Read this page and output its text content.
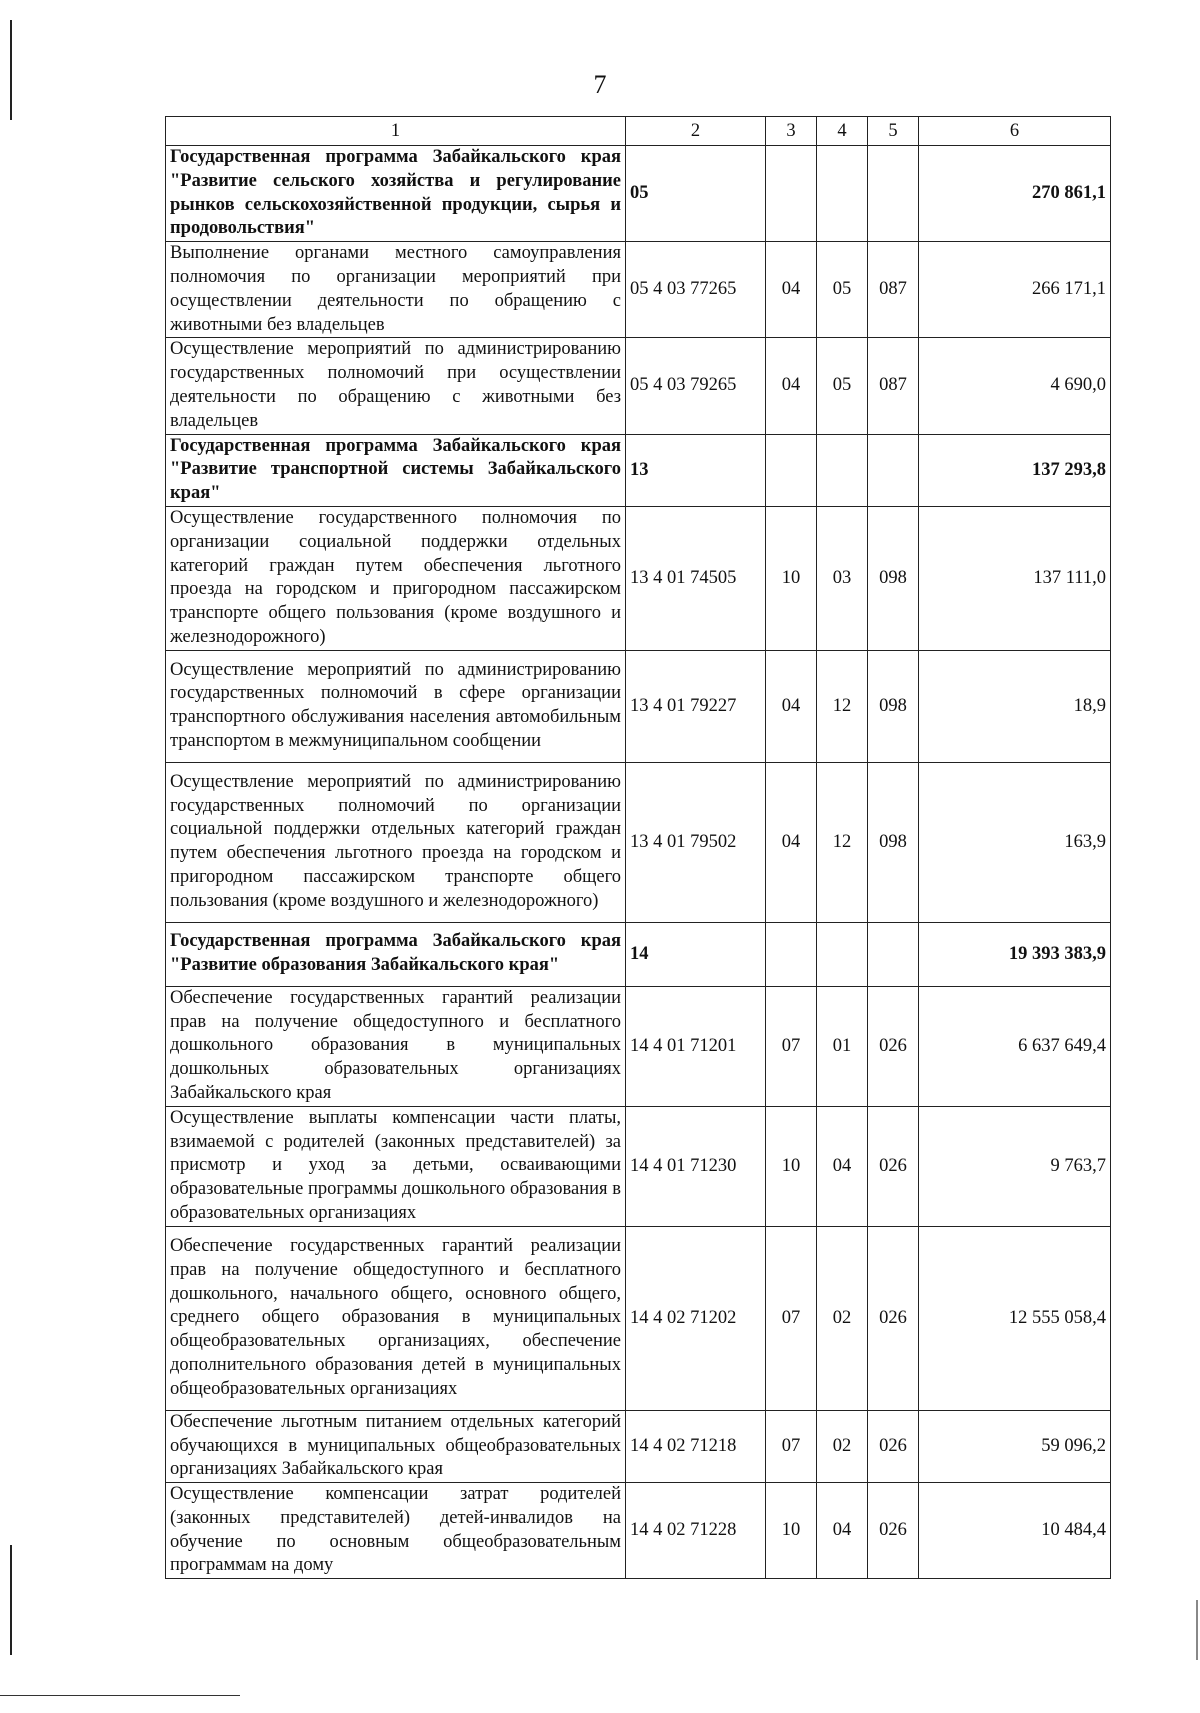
7
1	2	3	4	5	6
Государственная программа Забайкальского края "Развитие сельского хозяйства и регулирование рынков сельскохозяйственной продукции, сырья и продовольствия"	05				270 861,1
Выполнение органами местного самоуправления полномочия по организации мероприятий при осуществлении деятельности по обращению с животными без владельцев	05 4 03 77265	04	05	087	266 171,1
Осуществление мероприятий по администрированию государственных полномочий при осуществлении деятельности по обращению с животными без владельцев	05 4 03 79265	04	05	087	4 690,0
Государственная программа Забайкальского края "Развитие транспортной системы Забайкальского края"	13				137 293,8
Осуществление государственного полномочия по организации социальной поддержки отдельных категорий граждан путем обеспечения льготного проезда на городском и пригородном пассажирском транспорте общего пользования (кроме воздушного и железнодорожного)	13 4 01 74505	10	03	098	137 111,0
Осуществление мероприятий по администрированию государственных полномочий в сфере организации транспортного обслуживания населения автомобильным транспортом в межмуниципальном сообщении	13 4 01 79227	04	12	098	18,9
Осуществление мероприятий по администрированию государственных полномочий по организации социальной поддержки отдельных категорий граждан путем обеспечения льготного проезда на городском и пригородном пассажирском транспорте общего пользования (кроме воздушного и железнодорожного)	13 4 01 79502	04	12	098	163,9
Государственная программа Забайкальского края "Развитие образования Забайкальского края"	14				19 393 383,9
Обеспечение государственных гарантий реализации прав на получение общедоступного и бесплатного дошкольного образования в муниципальных дошкольных образовательных организациях Забайкальского края	14 4 01 71201	07	01	026	6 637 649,4
Осуществление выплаты компенсации части платы, взимаемой с родителей (законных представителей) за присмотр и уход за детьми, осваивающими образовательные программы дошкольного образования в образовательных организациях	14 4 01 71230	10	04	026	9 763,7
Обеспечение государственных гарантий реализации прав на получение общедоступного и бесплатного дошкольного, начального общего, основного общего, среднего общего образования в муниципальных общеобразовательных организациях, обеспечение дополнительного образования детей в муниципальных общеобразовательных организациях	14 4 02 71202	07	02	026	12 555 058,4
Обеспечение льготным питанием отдельных категорий обучающихся в муниципальных общеобразовательных организациях Забайкальского края	14 4 02 71218	07	02	026	59 096,2
Осуществление компенсации затрат родителей (законных представителей) детей-инвалидов на обучение по основным общеобразовательным программам на дому	14 4 02 71228	10	04	026	10 484,4
